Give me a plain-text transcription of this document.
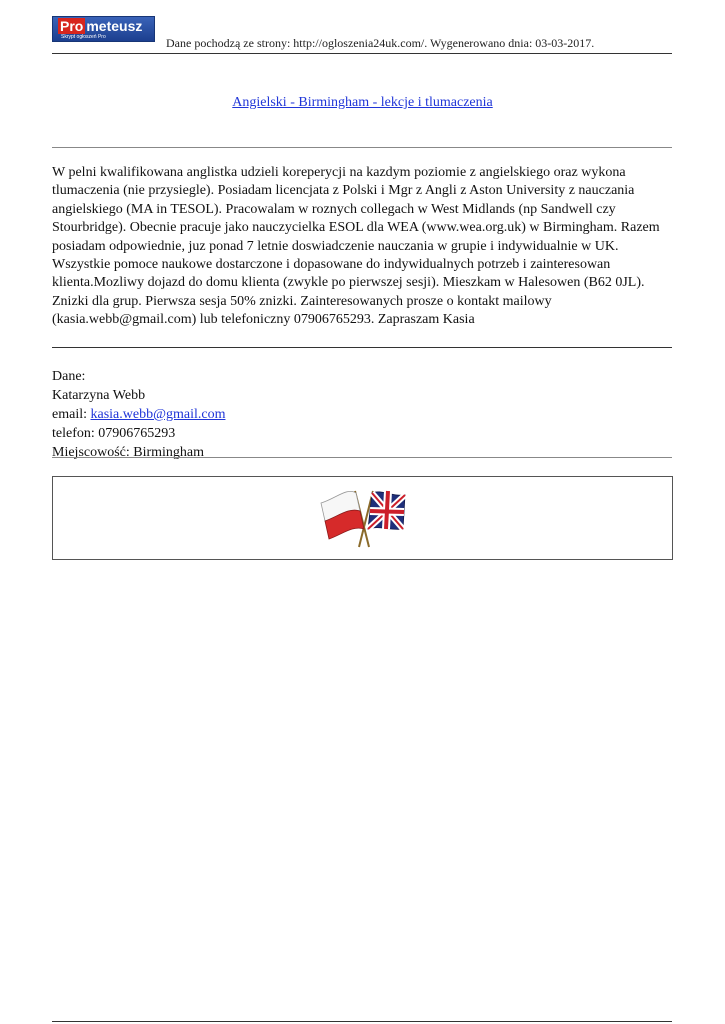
Pro meteusz
Skrypt ogłoszeń Pro	Dane pochodzą ze strony: http://ogloszenia24uk.com/. Wygenerowano dnia: 03-03-2017.
Angielski - Birmingham - lekcje i tlumaczenia
W pelni kwalifikowana anglistka udzieli koreperycji na kazdym poziomie z angielskiego oraz wykona tlumaczenia (nie przysiegle). Posiadam licencjata z Polski i Mgr z Angli z Aston University z nauczania angielskiego (MA in TESOL). Pracowalam w roznych collegach w West Midlands (np Sandwell czy Stourbridge). Obecnie pracuje jako nauczycielka ESOL dla WEA (www.wea.org.uk) w Birmingham. Razem posiadam odpowiednie, juz ponad 7 letnie doswiadczenie nauczania w grupie i indywidualnie w UK. Wszystkie pomoce naukowe dostarczone i dopasowane do indywidualnych potrzeb i zainteresowan klienta.Mozliwy dojazd do domu klienta (zwykle po pierwszej sesji). Mieszkam w Halesowen (B62 0JL). Znizki dla grup. Pierwsza sesja 50% znizki. Zainteresowanych prosze o kontakt mailowy (kasia.webb@gmail.com) lub telefoniczny 07906765293. Zapraszam Kasia
Dane:
Katarzyna Webb
email: kasia.webb@gmail.com
telefon: 07906765293
Miejscowość: Birmingham
